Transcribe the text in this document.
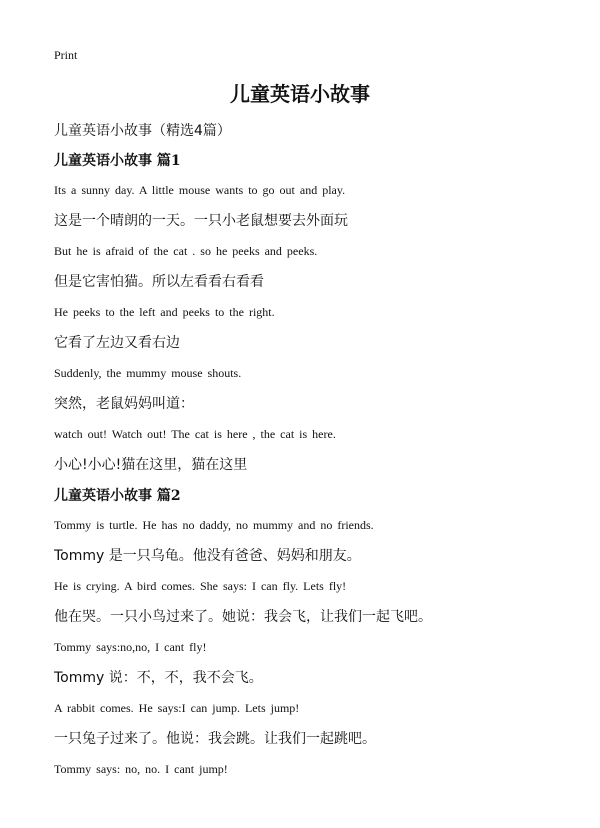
Print
儿童英语小故事
儿童英语小故事（精选4篇）
儿童英语小故事 篇1
Its a sunny day. A little mouse wants to go out and play.
这是一个晴朗的一天。一只小老鼠想要去外面玩
But he is afraid of the cat . so he peeks and peeks.
但是它害怕猫。所以左看看右看看
He peeks to the left and peeks to the right.
它看了左边又看右边
Suddenly, the mummy mouse shouts.
突然，老鼠妈妈叫道：
watch out! Watch out! The cat is here , the cat is here.
小心!小心!猫在这里，猫在这里
儿童英语小故事 篇2
Tommy is turtle. He has no daddy, no mummy and no friends.
Tommy 是一只乌龟。他没有爸爸、妈妈和朋友。
He is crying. A bird comes. She says: I can fly. Lets fly!
他在哭。一只小鸟过来了。她说：我会飞，让我们一起飞吧。
Tommy says:no,no, I cant fly!
Tommy 说：不，不，我不会飞。
A rabbit comes. He says:I can jump. Lets jump!
一只兔子过来了。他说：我会跳。让我们一起跳吧。
Tommy says: no, no. I cant jump!
